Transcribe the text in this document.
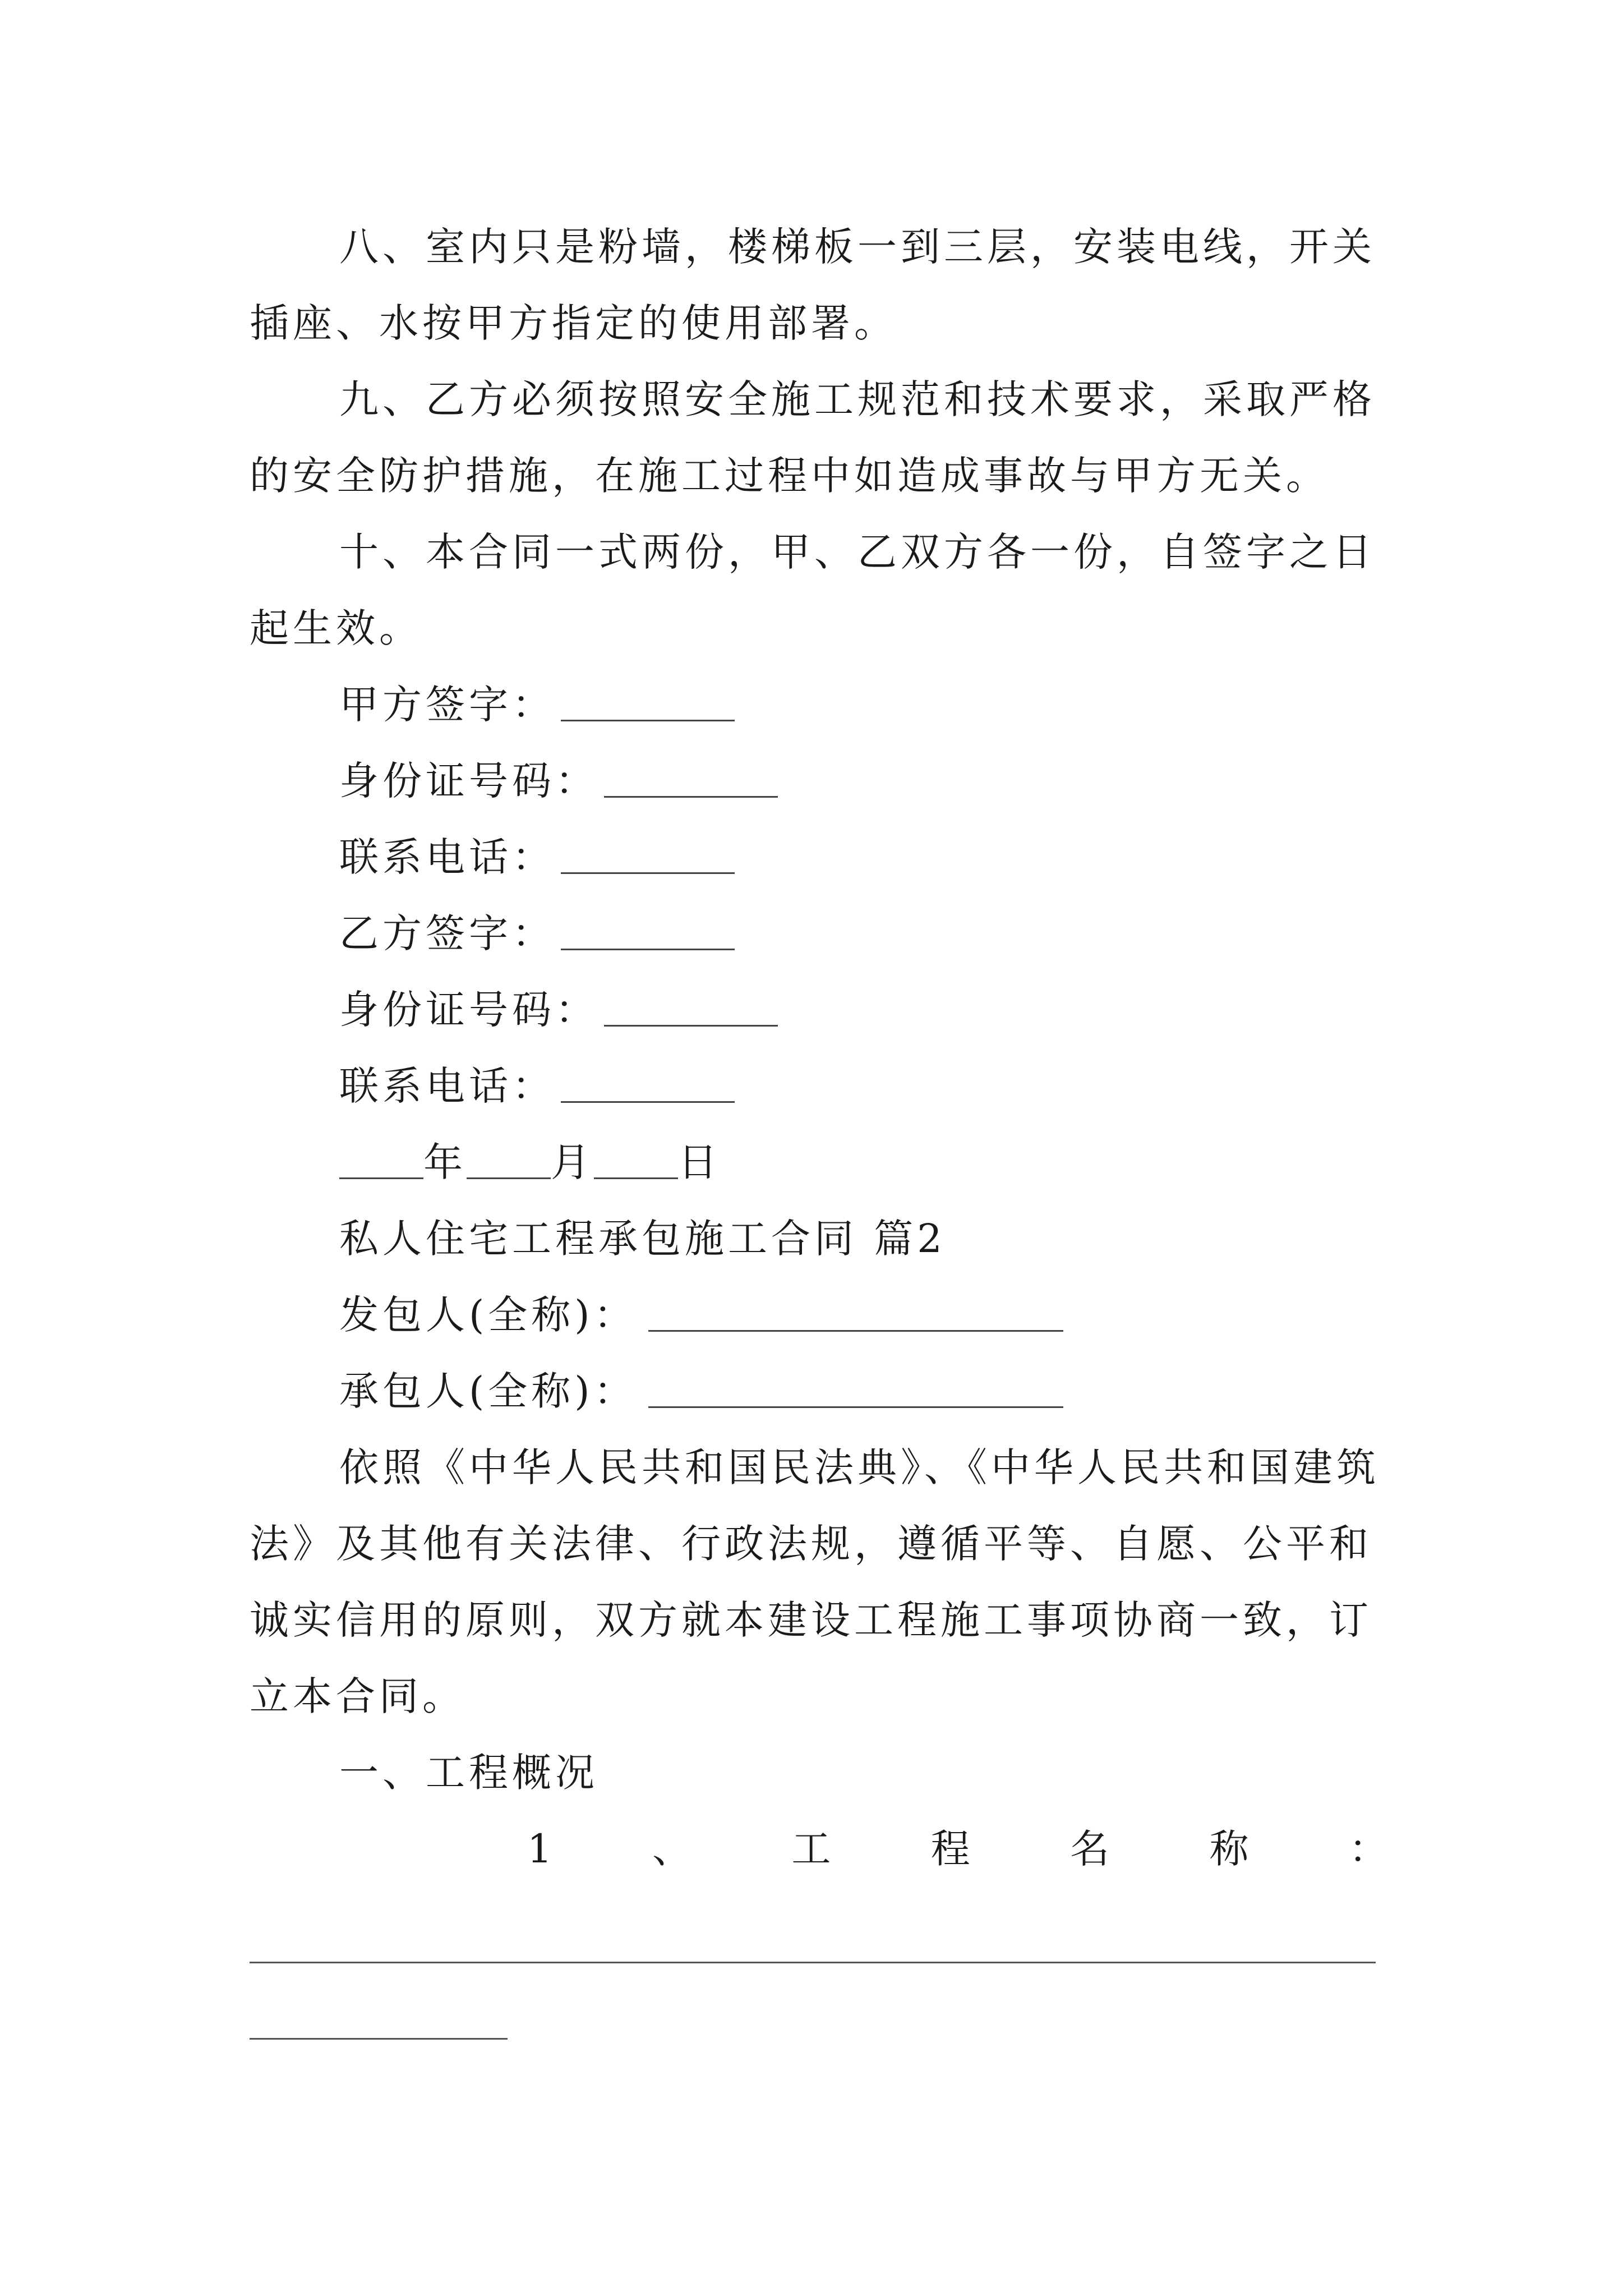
八、室内只是粉墙，楼梯板一到三层，安装电线，开关
插座、水按甲方指定的使用部署。
九、乙方必须按照安全施工规范和技术要求，采取严格
的安全防护措施，在施工过程中如造成事故与甲方无关。
十、本合同一式两份，甲、乙双方各一份，自签字之日
起生效。
甲方签字：
身份证号码：
联系电话：
乙方签字：
身份证号码：
联系电话：
年 月 日
私人住宅工程承包施工合同 篇2
发包人(全称)：
承包人(全称)：
依照《中华人民共和国民法典》、《中华人民共和国建筑
法》及其他有关法律、行政法规，遵循平等、自愿、公平和
诚实信用的原则，双方就本建设工程施工事项协商一致，订
立本合同。
一、工程概况
1	、	工	程	名	称	：
